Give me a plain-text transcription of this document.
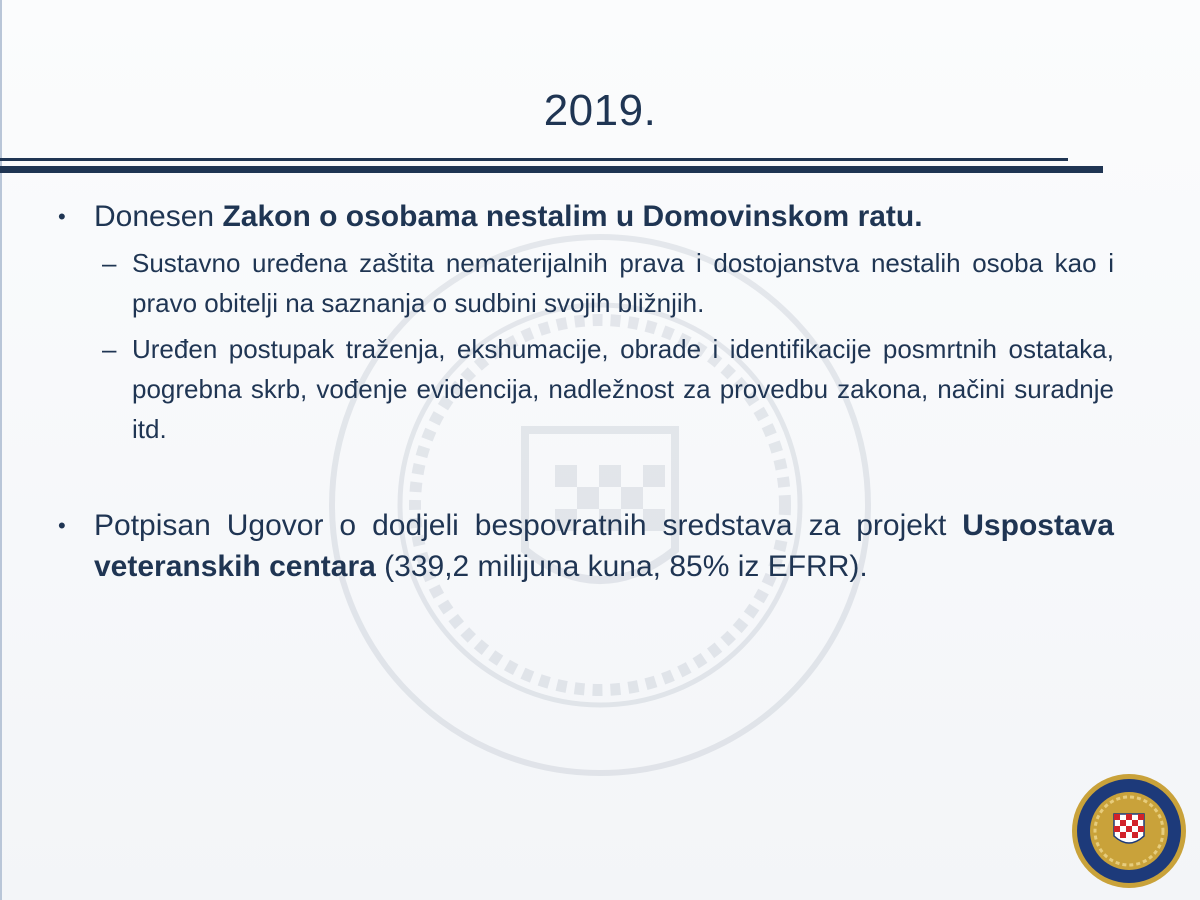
2019.
• Donesen Zakon o osobama nestalim u Domovinskom ratu.
– Sustavno uređena zaštita nematerijalnih prava i dostojanstva nestalih osoba kao i pravo obitelji na saznanja o sudbini svojih bližnjih.
– Uređen postupak traženja, ekshumacije, obrade i identifikacije posmrtnih ostataka, pogrebna skrb, vođenje evidencija, nadležnost za provedbu zakona, načini suradnje itd.
• Potpisan Ugovor o dodjeli bespovratnih sredstava za projekt Uspostava veteranskih centara (339,2 milijuna kuna, 85% iz EFRR).
